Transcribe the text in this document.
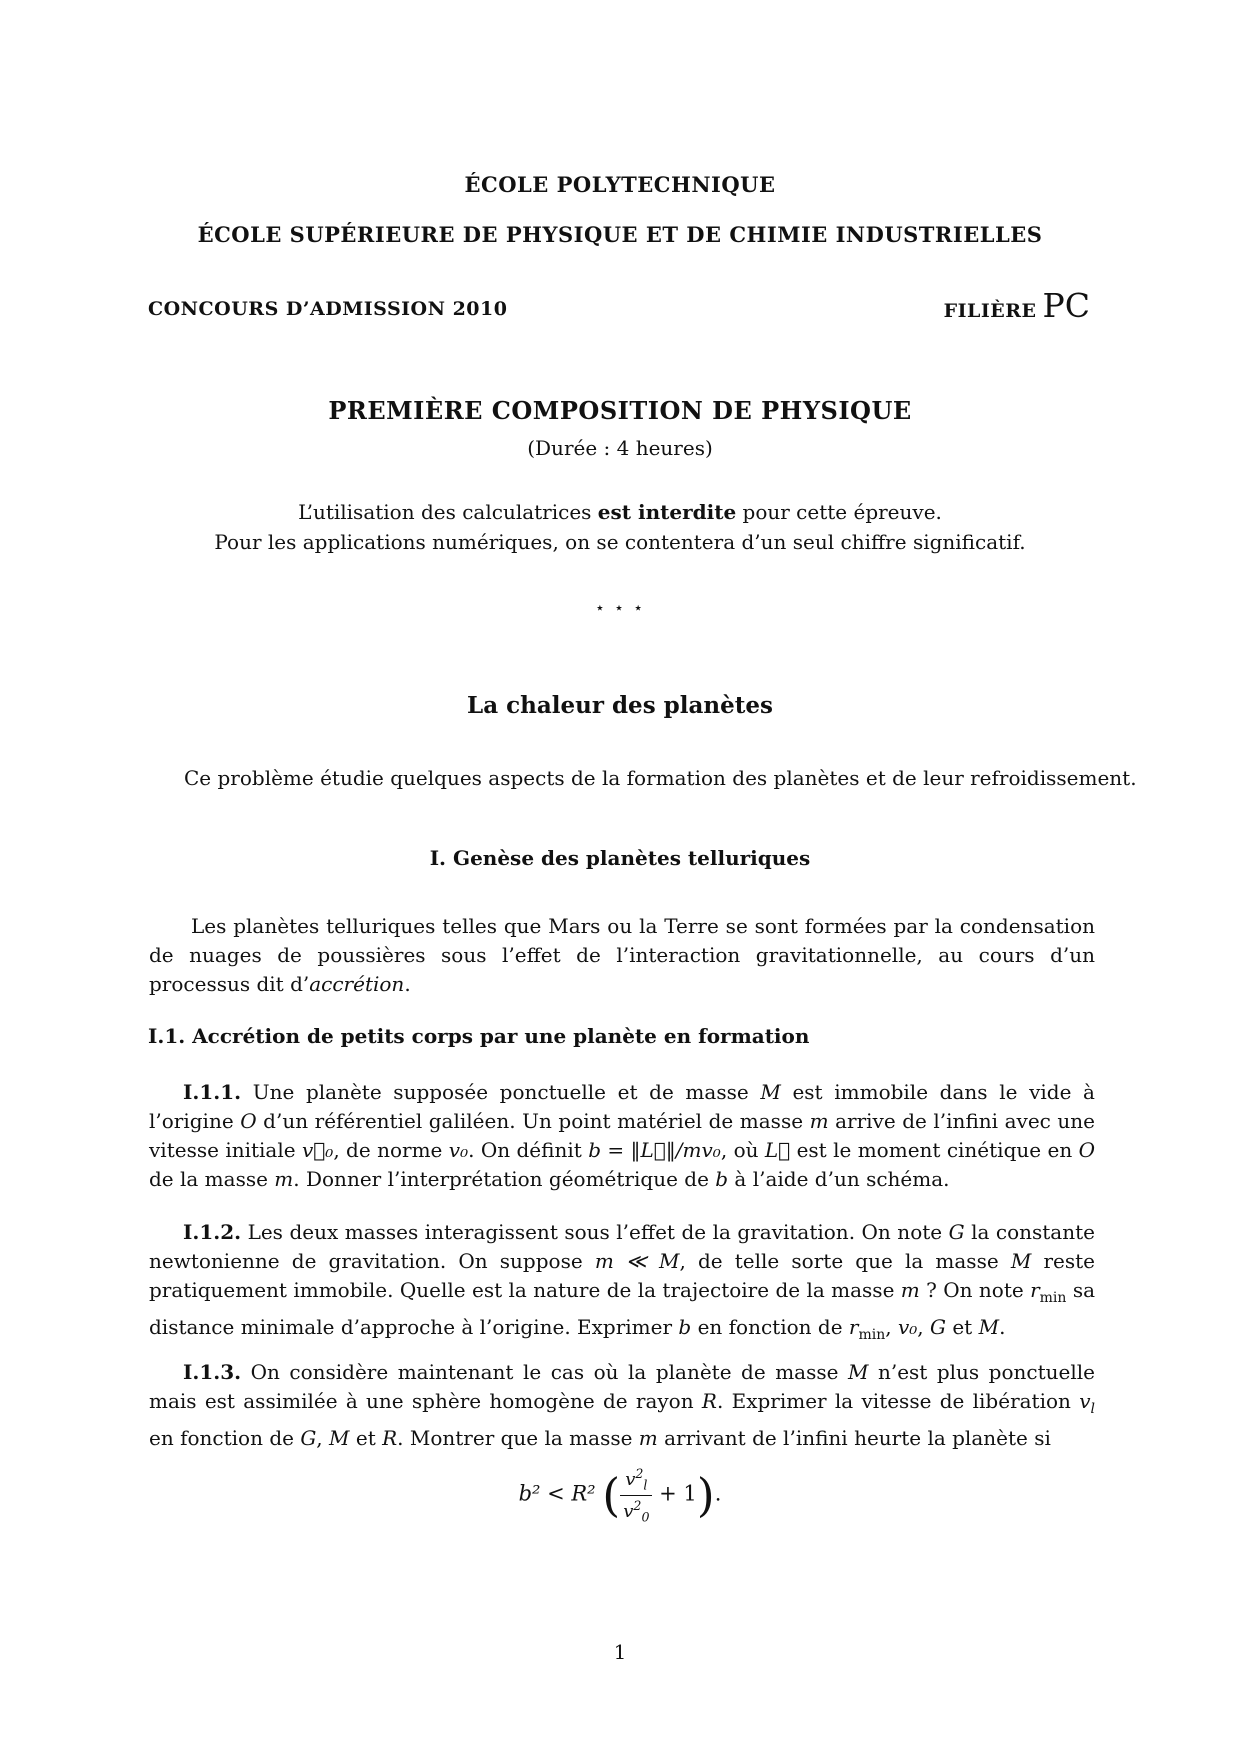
ÉCOLE POLYTECHNIQUE
ÉCOLE SUPÉRIEURE DE PHYSIQUE ET DE CHIMIE INDUSTRIELLES
CONCOURS D’ADMISSION 2010	FILIÈRE PC
PREMIÈRE COMPOSITION DE PHYSIQUE
(Durée : 4 heures)
L’utilisation des calculatrices est interdite pour cette épreuve.
Pour les applications numériques, on se contentera d’un seul chiffre significatif.
⋆ ⋆ ⋆
La chaleur des planètes
Ce problème étudie quelques aspects de la formation des planètes et de leur refroidissement.
I. Genèse des planètes telluriques
Les planètes telluriques telles que Mars ou la Terre se sont formées par la condensation de nuages de poussières sous l’effet de l’interaction gravitationnelle, au cours d’un processus dit d’accrétion.
I.1. Accrétion de petits corps par une planète en formation
I.1.1. Une planète supposée ponctuelle et de masse M est immobile dans le vide à l’origine O d’un référentiel galiléen. Un point matériel de masse m arrive de l’infini avec une vitesse initiale v⃗₀, de norme v₀. On définit b = ‖L⃗‖/mv₀, où L⃗ est le moment cinétique en O de la masse m. Donner l’interprétation géométrique de b à l’aide d’un schéma.
I.1.2. Les deux masses interagissent sous l’effet de la gravitation. On note G la constante newtonienne de gravitation. On suppose m ≪ M, de telle sorte que la masse M reste pratiquement immobile. Quelle est la nature de la trajectoire de la masse m ? On note $r_{min}$ sa distance minimale d’approche à l’origine. Exprimer b en fonction de $r_{min}$, v₀, G et M.
I.1.3. On considère maintenant le cas où la planète de masse M n’est plus ponctuelle mais est assimilée à une sphère homogène de rayon R. Exprimer la vitesse de libération $v_l$ en fonction de G, M et R. Montrer que la masse m arrivant de l’infini heurte la planète si
b² < R² ( $\frac{v^2_l}{v^2_0} + 1$).
1
